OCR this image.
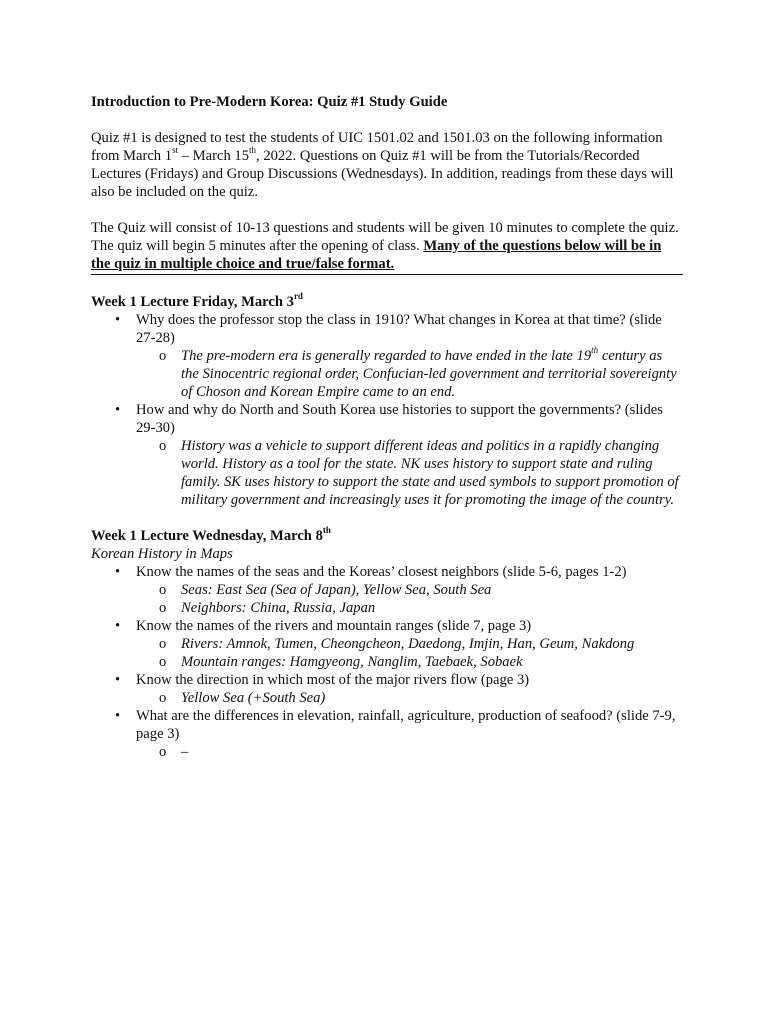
Introduction to Pre-Modern Korea: Quiz #1 Study Guide

Quiz #1 is designed to test the students of UIC 1501.02 and 1501.03 on the following information from March 1st – March 15th, 2022. Questions on Quiz #1 will be from the Tutorials/Recorded Lectures (Fridays) and Group Discussions (Wednesdays). In addition, readings from these days will also be included on the quiz.

The Quiz will consist of 10-13 questions and students will be given 10 minutes to complete the quiz. The quiz will begin 5 minutes after the opening of class. Many of the questions below will be in the quiz in multiple choice and true/false format.

Week 1 Lecture Friday, March 3rd

• Why does the professor stop the class in 1910? What changes in Korea at that time? (slide 27-28)
o The pre-modern era is generally regarded to have ended in the late 19th century as the Sinocentric regional order, Confucian-led government and territorial sovereignty of Choson and Korean Empire came to an end.
• How and why do North and South Korea use histories to support the governments? (slides 29-30)
o History was a vehicle to support different ideas and politics in a rapidly changing world. History as a tool for the state. NK uses history to support state and ruling family. SK uses history to support the state and used symbols to support promotion of military government and increasingly uses it for promoting the image of the country.

Week 1 Lecture Wednesday, March 8th

Korean History in Maps

• Know the names of the seas and the Koreas’ closest neighbors (slide 5-6, pages 1-2)
o Seas: East Sea (Sea of Japan), Yellow Sea, South Sea
o Neighbors: China, Russia, Japan
• Know the names of the rivers and mountain ranges (slide 7, page 3)
o Rivers: Amnok, Tumen, Cheongcheon, Daedong, Imjin, Han, Geum, Nakdong
o Mountain ranges: Hamgyeong, Nanglim, Taebaek, Sobaek
• Know the direction in which most of the major rivers flow (page 3)
o Yellow Sea (+South Sea)
• What are the differences in elevation, rainfall, agriculture, production of seafood? (slide 7-9, page 3)
o –
